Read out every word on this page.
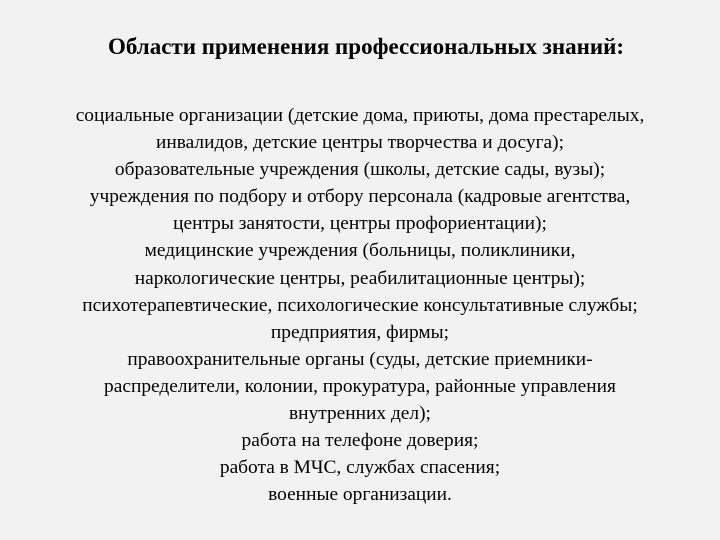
Области применения профессиональных знаний:
социальные организации (детские дома, приюты, дома престарелых,
инвалидов, детские центры творчества и досуга);
образовательные учреждения (школы, детские сады, вузы);
учреждения по подбору и отбору персонала (кадровые агентства,
центры занятости, центры профориентации);
медицинские учреждения (больницы, поликлиники,
наркологические центры, реабилитационные центры);
психотерапевтические, психологические консультативные службы;
предприятия, фирмы;
правоохранительные органы (суды, детские приемники-
распределители, колонии, прокуратура, районные управления
внутренних дел);
работа на телефоне доверия;
работа в МЧС, службах спасения;
военные организации.
